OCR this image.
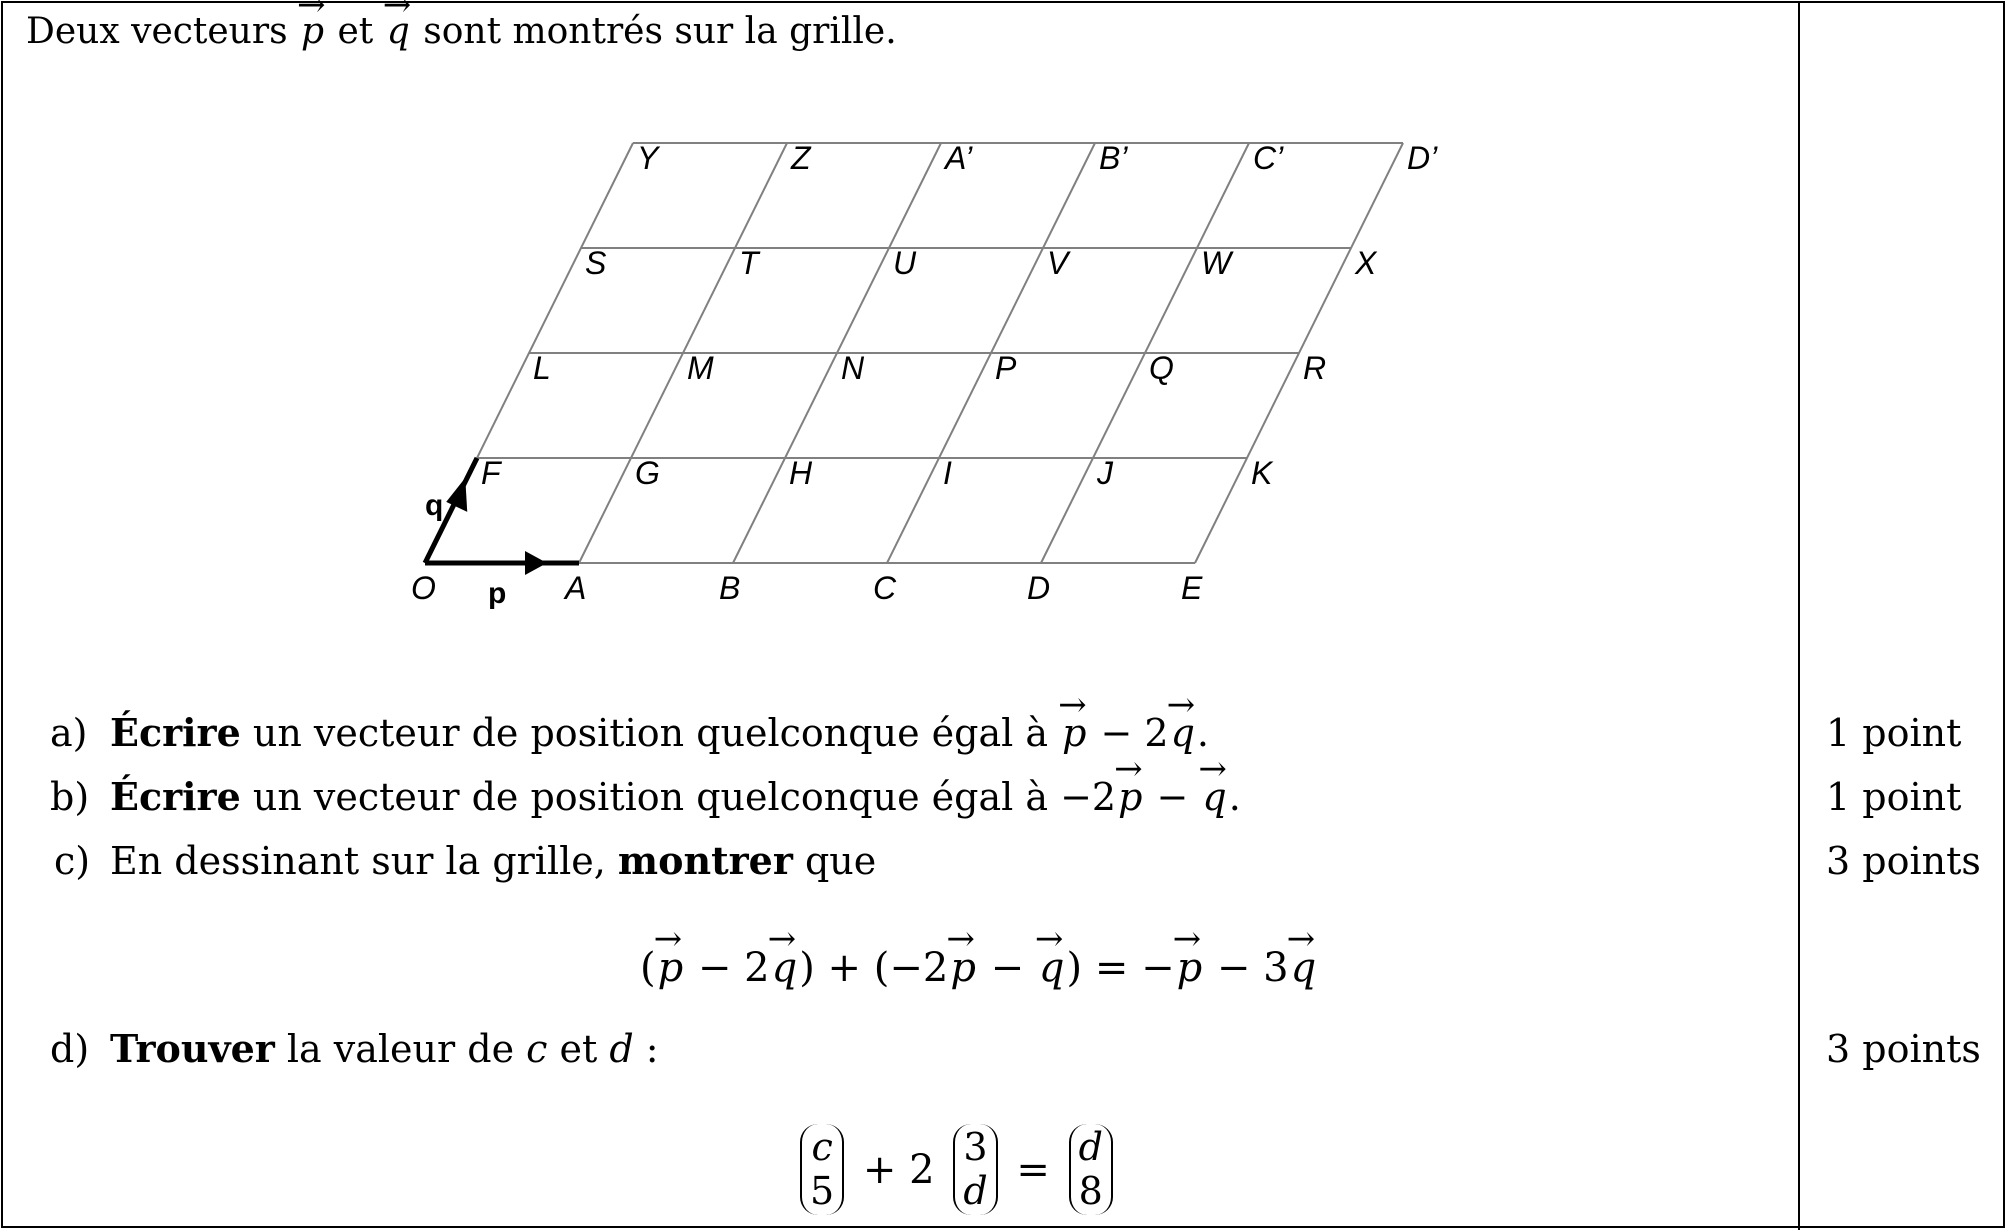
Deux vecteurs → p et → q sont montrés sur la grille.
O	A	B	C	D	E
F	G	H	I	J	K
L	M	N	P	Q	R
S	T	U	V	W	X
Y	Z	A’	B’	C’	D’
p
q
a) Écrire un vecteur de position quelconque égal à → p − 2→ q.	1 point
b) Écrire un vecteur de position quelconque égal à −2→ p − → q.	1 point
c) En dessinant sur la grille, montrer que	3 points
(→ p − 2→ q) + (−2→ p − → q) = −→ p − 3→ q
d) Trouver la valeur de c et d :	3 points
c
5 + 2 3
d = d
8
